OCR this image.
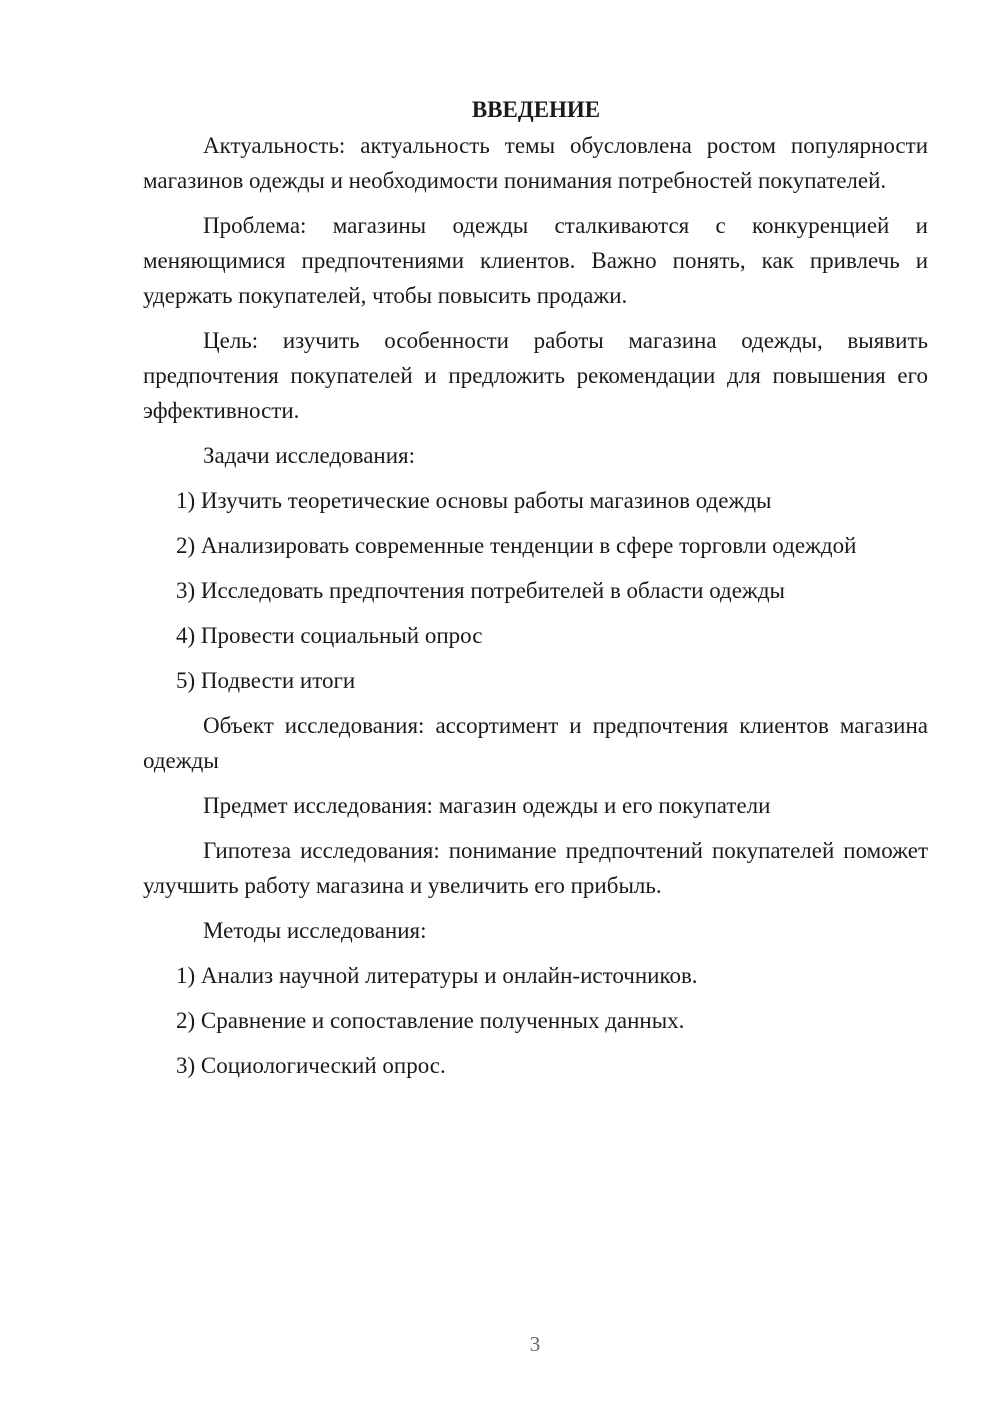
ВВЕДЕНИЕ

Актуальность: актуальность темы обусловлена ростом популярности магазинов одежды и необходимости понимания потребностей покупателей.

Проблема: магазины одежды сталкиваются с конкуренцией и меняющимися предпочтениями клиентов. Важно понять, как привлечь и удержать покупателей, чтобы повысить продажи.

Цель: изучить особенности работы магазина одежды, выявить предпочтения покупателей и предложить рекомендации для повышения его эффективности.

Задачи исследования:

1) Изучить теоретические основы работы магазинов одежды

2) Анализировать современные тенденции в сфере торговли одеждой

3) Исследовать предпочтения потребителей в области одежды

4) Провести социальный опрос

5) Подвести итоги

Объект исследования: ассортимент и предпочтения клиентов магазина одежды

Предмет исследования: магазин одежды и его покупатели

Гипотеза исследования: понимание предпочтений покупателей поможет улучшить работу магазина и увеличить его прибыль.

Методы исследования:

1) Анализ научной литературы и онлайн-источников.

2) Сравнение и сопоставление полученных данных.

3) Социологический опрос.

3
